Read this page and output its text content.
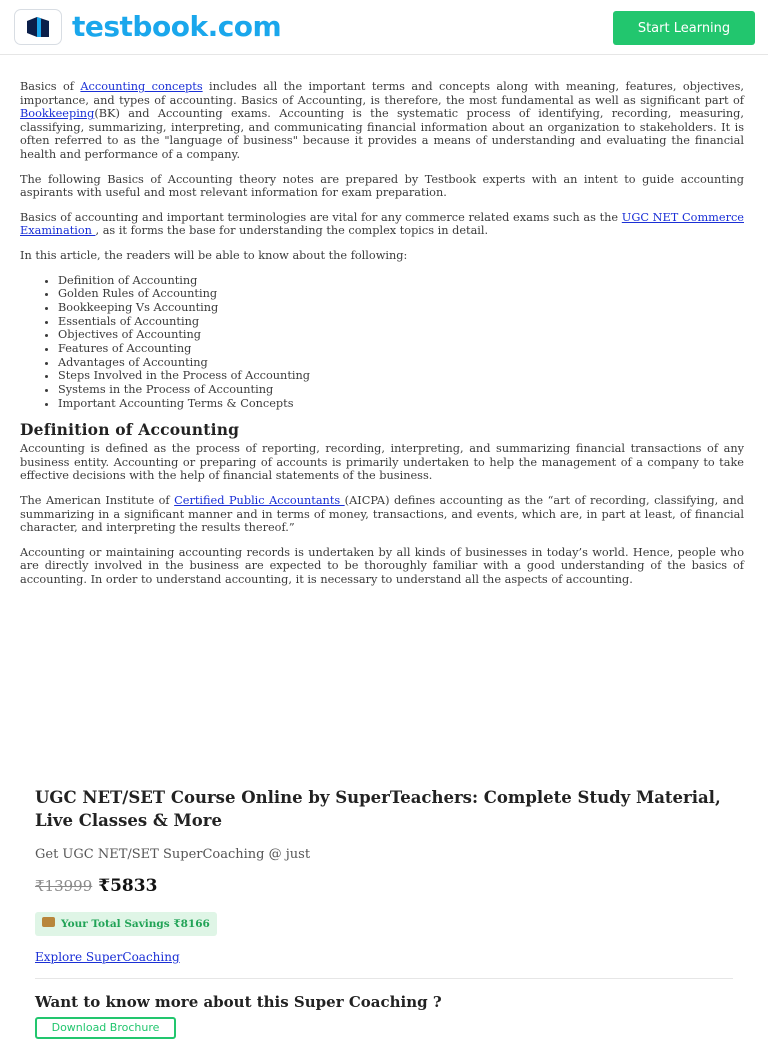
testbook.com	Start Learning

Basics of Accounting concepts includes all the important terms and concepts along with meaning, features, objectives, importance, and types of accounting. Basics of Accounting, is therefore, the most fundamental as well as significant part of Bookkeeping(BK) and Accounting exams. Accounting is the systematic process of identifying, recording, measuring, classifying, summarizing, interpreting, and communicating financial information about an organization to stakeholders. It is often referred to as the "language of business" because it provides a means of understanding and evaluating the financial health and performance of a company.

The following Basics of Accounting theory notes are prepared by Testbook experts with an intent to guide accounting aspirants with useful and most relevant information for exam preparation.

Basics of accounting and important terminologies are vital for any commerce related exams such as the UGC NET Commerce Examination , as it forms the base for understanding the complex topics in detail.

In this article, the readers will be able to know about the following:

• Definition of Accounting
• Golden Rules of Accounting
• Bookkeeping Vs Accounting
• Essentials of Accounting
• Objectives of Accounting
• Features of Accounting
• Advantages of Accounting
• Steps Involved in the Process of Accounting
• Systems in the Process of Accounting
• Important Accounting Terms & Concepts
Definition of Accounting

Accounting is defined as the process of reporting, recording, interpreting, and summarizing financial transactions of any business entity. Accounting or preparing of accounts is primarily undertaken to help the management of a company to take effective decisions with the help of financial statements of the business.

The American Institute of Certified Public Accountants (AICPA) defines accounting as the “art of recording, classifying, and summarizing in a significant manner and in terms of money, transactions, and events, which are, in part at least, of financial character, and interpreting the results thereof.”

Accounting or maintaining accounting records is undertaken by all kinds of businesses in today’s world. Hence, people who are directly involved in the business are expected to be thoroughly familiar with a good understanding of the basics of accounting. In order to understand accounting, it is necessary to understand all the aspects of accounting.

UGC NET/SET Course Online by SuperTeachers: Complete Study Material, Live Classes & More
Get UGC NET/SET SuperCoaching @ just
₹13999 ₹5833
Your Total Savings ₹8166
Explore SuperCoaching
Want to know more about this Super Coaching ?
Download Brochure
